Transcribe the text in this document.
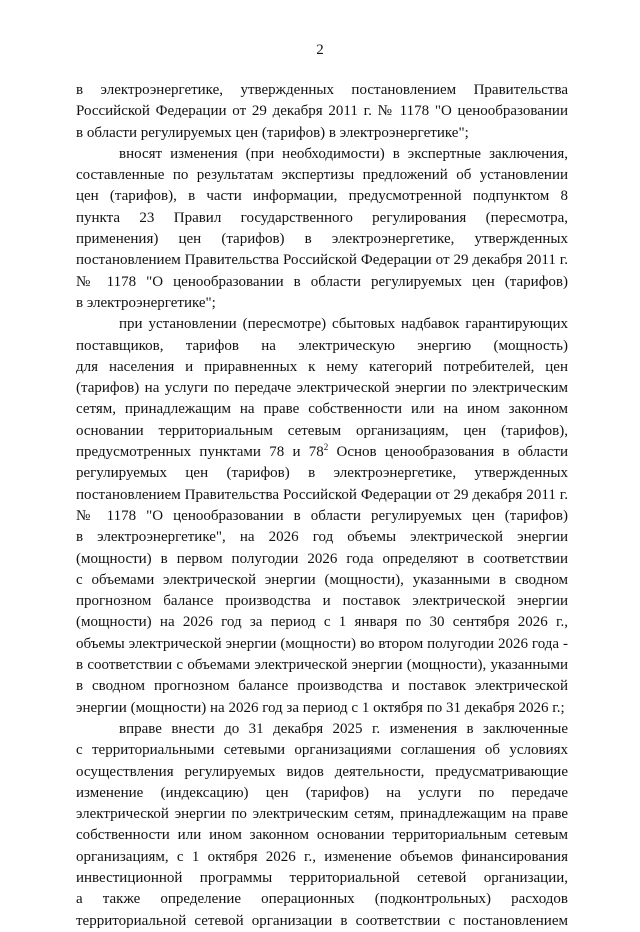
2
в электроэнергетике, утвержденных постановлением Правительства
Российской Федерации от 29 декабря 2011 г. № 1178 "О ценообразовании
в области регулируемых цен (тарифов) в электроэнергетике";
вносят изменения (при необходимости) в экспертные заключения,
составленные по результатам экспертизы предложений об установлении
цен (тарифов), в части информации, предусмотренной подпунктом 8
пункта 23 Правил государственного регулирования (пересмотра,
применения) цен (тарифов) в электроэнергетике, утвержденных
постановлением Правительства Российской Федерации от 29 декабря 2011 г.
№ 1178 "О ценообразовании в области регулируемых цен (тарифов)
в электроэнергетике";
при установлении (пересмотре) сбытовых надбавок гарантирующих
поставщиков, тарифов на электрическую энергию (мощность)
для населения и приравненных к нему категорий потребителей, цен
(тарифов) на услуги по передаче электрической энергии по электрическим
сетям, принадлежащим на праве собственности или на ином законном
основании территориальным сетевым организациям, цен (тарифов),
предусмотренных пунктами 78 и $78^2$ Основ ценообразования в области
регулируемых цен (тарифов) в электроэнергетике, утвержденных
постановлением Правительства Российской Федерации от 29 декабря 2011 г.
№ 1178 "О ценообразовании в области регулируемых цен (тарифов)
в электроэнергетике", на 2026 год объемы электрической энергии
(мощности) в первом полугодии 2026 года определяют в соответствии
с объемами электрической энергии (мощности), указанными в сводном
прогнозном балансе производства и поставок электрической энергии
(мощности) на 2026 год за период с 1 января по 30 сентября 2026 г.,
объемы электрической энергии (мощности) во втором полугодии 2026 года -
в соответствии с объемами электрической энергии (мощности), указанными
в сводном прогнозном балансе производства и поставок электрической
энергии (мощности) на 2026 год за период с 1 октября по 31 декабря 2026 г.;
вправе внести до 31 декабря 2025 г. изменения в заключенные
с территориальными сетевыми организациями соглашения об условиях
осуществления регулируемых видов деятельности, предусматривающие
изменение (индексацию) цен (тарифов) на услуги по передаче
электрической энергии по электрическим сетям, принадлежащим на праве
собственности или ином законном основании территориальным сетевым
организациям, с 1 октября 2026 г., изменение объемов финансирования
инвестиционной программы территориальной сетевой организации,
а также определение операционных (подконтрольных) расходов
территориальной сетевой организации в соответствии с постановлением
